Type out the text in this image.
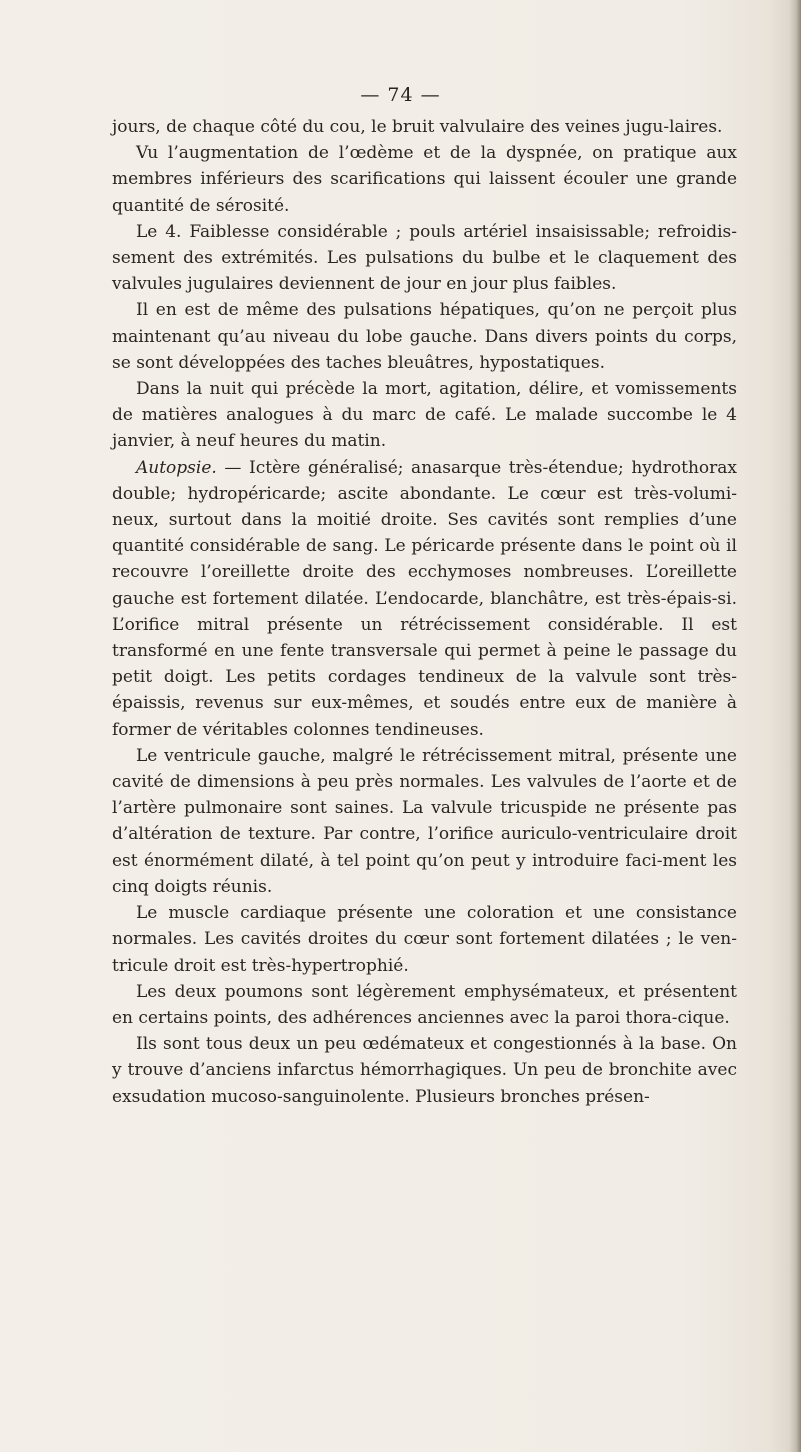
— 74 —

jours, de chaque côté du cou, le bruit valvulaire des veines jugu-laires.

Vu l’augmentation de l’œdème et de la dyspnée, on pratique aux membres inférieurs des scarifications qui laissent écouler une grande quantité de sérosité.

Le 4. Faiblesse considérable ; pouls artériel insaisissable; refroidis-sement des extrémités. Les pulsations du bulbe et le claquement des valvules jugulaires deviennent de jour en jour plus faibles.

Il en est de même des pulsations hépatiques, qu’on ne perçoit plus maintenant qu’au niveau du lobe gauche. Dans divers points du corps, se sont développées des taches bleuâtres, hypostatiques.

Dans la nuit qui précède la mort, agitation, délire, et vomissements de matières analogues à du marc de café. Le malade succombe le 4 janvier, à neuf heures du matin.

Autopsie. — Ictère généralisé; anasarque très-étendue; hydrothorax double; hydropéricarde; ascite abondante. Le cœur est très-volumi-neux, surtout dans la moitié droite. Ses cavités sont remplies d’une quantité considérable de sang. Le péricarde présente dans le point où il recouvre l’oreillette droite des ecchymoses nombreuses. L’oreillette gauche est fortement dilatée. L’endocarde, blanchâtre, est très-épais-si. L’orifice mitral présente un rétrécissement considérable. Il est transformé en une fente transversale qui permet à peine le passage du petit doigt. Les petits cordages tendineux de la valvule sont très-épaissis, revenus sur eux-mêmes, et soudés entre eux de manière à former de véritables colonnes tendineuses.

Le ventricule gauche, malgré le rétrécissement mitral, présente une cavité de dimensions à peu près normales. Les valvules de l’aorte et de l’artère pulmonaire sont saines. La valvule tricuspide ne présente pas d’altération de texture. Par contre, l’orifice auriculo-ventriculaire droit est énormément dilaté, à tel point qu’on peut y introduire faci-ment les cinq doigts réunis.

Le muscle cardiaque présente une coloration et une consistance normales. Les cavités droites du cœur sont fortement dilatées ; le ven-tricule droit est très-hypertrophié.

Les deux poumons sont légèrement emphysémateux, et présentent en certains points, des adhérences anciennes avec la paroi thora-cique.

Ils sont tous deux un peu œdémateux et congestionnés à la base. On y trouve d’anciens infarctus hémorrhagiques. Un peu de bronchite avec exsudation mucoso-sanguinolente. Plusieurs bronches présen-
